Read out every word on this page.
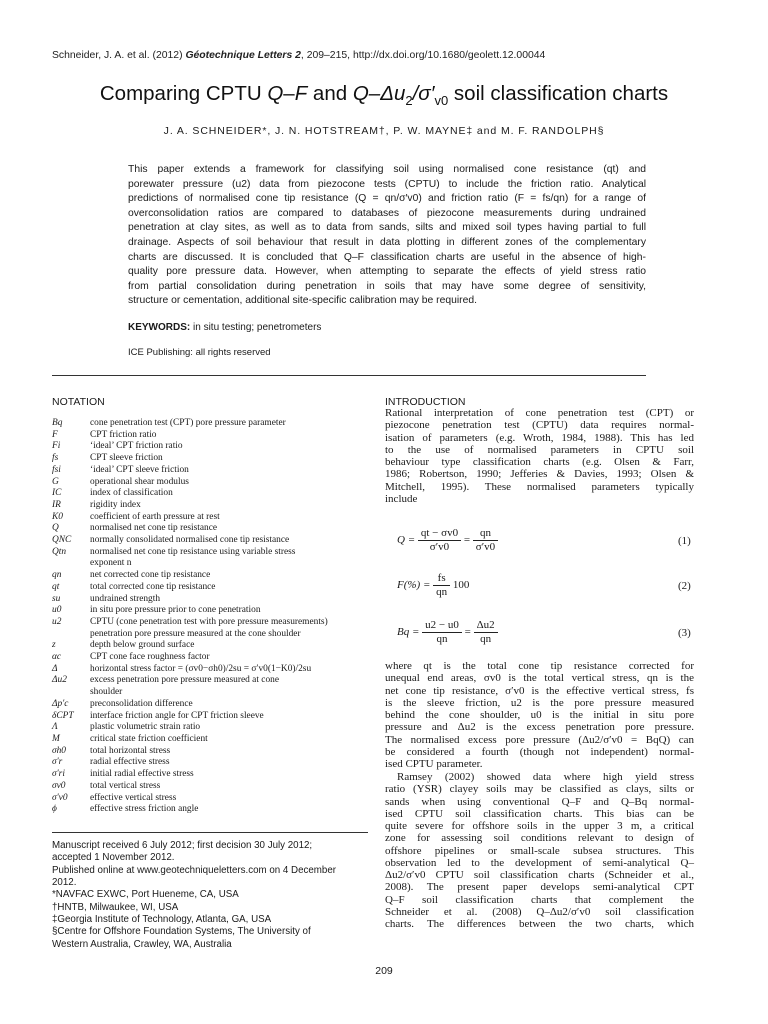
Schneider, J. A. et al. (2012) Géotechnique Letters 2, 209–215, http://dx.doi.org/10.1680/geolett.12.00044
Comparing CPTU Q–F and $Q-\Delta u_2/\sigma'_{v0}$ soil classification charts
J. A. SCHNEIDER*, J. N. HOTSTREAM†, P. W. MAYNE‡ and M. F. RANDOLPH§
This paper extends a framework for classifying soil using normalised cone resistance (qt) and
porewater pressure (u2) data from piezocone tests (CPTU) to include the friction ratio. Analytical
predictions of normalised cone tip resistance (Q = qn/σ′v0) and friction ratio (F = fs/qn) for a range of
overconsolidation ratios are compared to databases of piezocone measurements during undrained
penetration at clay sites, as well as to data from sands, silts and mixed soil types having partial to full
drainage. Aspects of soil behaviour that result in data plotting in different zones of the complementary
charts are discussed. It is concluded that Q–F classification charts are useful in the absence of high-
quality pore pressure data. However, when attempting to separate the effects of yield stress ratio
from partial consolidation during penetration in soils that may have some degree of sensitivity,
structure or cementation, additional site-specific calibration may be required.
KEYWORDS: in situ testing; penetrometers
ICE Publishing: all rights reserved
NOTATION
Bq	cone penetration test (CPT) pore pressure parameter
F	CPT friction ratio
Fi	‘ideal’ CPT friction ratio
fs	CPT sleeve friction
fsi	‘ideal’ CPT sleeve friction
G	operational shear modulus
IC	index of classification
IR	rigidity index
K0	coefficient of earth pressure at rest
Q	normalised net cone tip resistance
QNC	normally consolidated normalised cone tip resistance
Qtn	normalised net cone tip resistance using variable stress
exponent n
qn	net corrected cone tip resistance
qt	total corrected cone tip resistance
su	undrained strength
u0	in situ pore pressure prior to cone penetration
u2	CPTU (cone penetration test with pore pressure measurements)
penetration pore pressure measured at the cone shoulder
z	depth below ground surface
αc	CPT cone face roughness factor
Δ	horizontal stress factor = (σv0−σh0)/2su = σ′v0(1−K0)/2su
Δu2	excess penetration pore pressure measured at cone
shoulder
Δp′c	preconsolidation difference
δCPT	interface friction angle for CPT friction sleeve
Λ	plastic volumetric strain ratio
M	critical state friction coefficient
σh0	total horizontal stress
σ′r	radial effective stress
σ′ri	initial radial effective stress
σv0	total vertical stress
σ′v0	effective vertical stress
ϕ	effective stress friction angle
Manuscript received 6 July 2012; first decision 30 July 2012;
accepted 1 November 2012.
Published online at www.geotechniqueletters.com on 4 December
2012.
*NAVFAC EXWC, Port Hueneme, CA, USA
†HNTB, Milwaukee, WI, USA
‡Georgia Institute of Technology, Atlanta, GA, USA
§Centre for Offshore Foundation Systems, The University of
Western Australia, Crawley, WA, Australia
INTRODUCTION
Rational interpretation of cone penetration test (CPT) or
piezocone penetration test (CPTU) data requires normal-
isation of parameters (e.g. Wroth, 1984, 1988). This has led
to the use of normalised parameters in CPTU soil
behaviour type classification charts (e.g. Olsen & Farr,
1986; Robertson, 1990; Jefferies & Davies, 1993; Olsen &
Mitchell, 1995). These normalised parameters typically
include
$Q = \frac{qt - \sigma v0}{\sigma'v0} = \frac{qn}{\sigma'v0}$	(1)
$F(\%) = \frac{fs}{qn} 100$	(2)
$Bq = \frac{u2 - u0}{qn} = \frac{\Delta u2}{qn}$	(3)
where qt is the total cone tip resistance corrected for
unequal end areas, σv0 is the total vertical stress, qn is the
net cone tip resistance, σ′v0 is the effective vertical stress, fs
is the sleeve friction, u2 is the pore pressure measured
behind the cone shoulder, u0 is the initial in situ pore
pressure and Δu2 is the excess penetration pore pressure.
The normalised excess pore pressure (Δu2/σ′v0 = BqQ) can
be considered a fourth (though not independent) normal-
ised CPTU parameter.
Ramsey (2002) showed data where high yield stress
ratio (YSR) clayey soils may be classified as clays, silts or
sands when using conventional Q–F and Q–Bq normal-
ised CPTU soil classification charts. This bias can be
quite severe for offshore soils in the upper 3 m, a critical
zone for assessing soil conditions relevant to design of
offshore pipelines or small-scale subsea structures. This
observation led to the development of semi-analytical Q–
Δu2/σ′v0 CPTU soil classification charts (Schneider et al.,
2008). The present paper develops semi-analytical CPT
Q–F soil classification charts that complement the
Schneider et al. (2008) Q–Δu2/σ′v0 soil classification
charts. The differences between the two charts, which
209
